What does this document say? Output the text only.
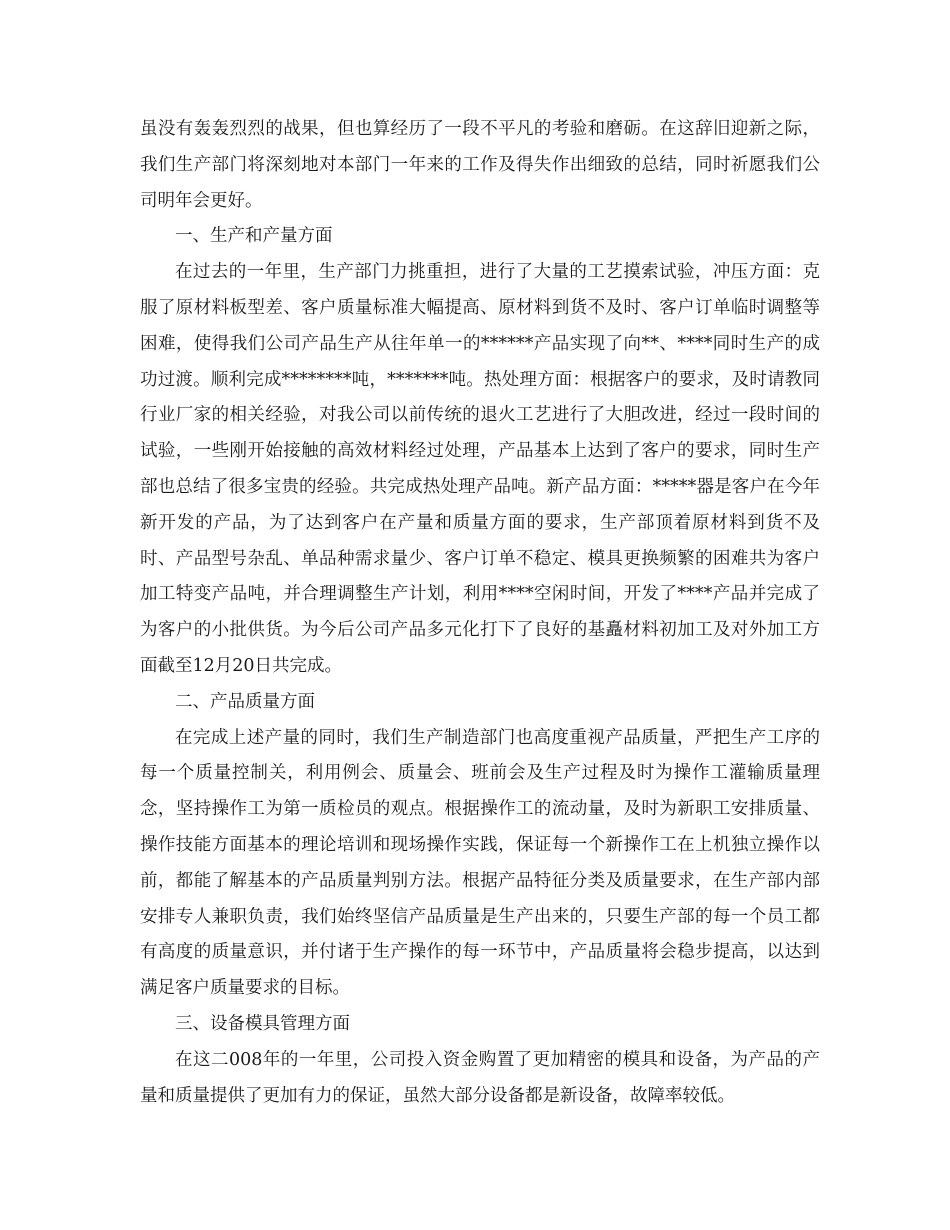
虽没有轰轰烈烈的战果，但也算经历了一段不平凡的考验和磨砺。在这辞旧迎新之际，我们生产部门将深刻地对本部门一年来的工作及得失作出细致的总结，同时祈愿我们公司明年会更好。

一、生产和产量方面

在过去的一年里，生产部门力挑重担，进行了大量的工艺摸索试验，冲压方面：克服了原材料板型差、客户质量标准大幅提高、原材料到货不及时、客户订单临时调整等困难，使得我们公司产品生产从往年单一的******产品实现了向**、****同时生产的成功过渡。顺利完成********吨，*******吨。热处理方面：根据客户的要求，及时请教同行业厂家的相关经验，对我公司以前传统的退火工艺进行了大胆改进，经过一段时间的试验，一些刚开始接触的高效材料经过处理，产品基本上达到了客户的要求，同时生产部也总结了很多宝贵的经验。共完成热处理产品吨。新产品方面：*****器是客户在今年新开发的产品，为了达到客户在产量和质量方面的要求，生产部顶着原材料到货不及时、产品型号杂乱、单品种需求量少、客户订单不稳定、模具更换频繁的困难共为客户加工特变产品吨，并合理调整生产计划，利用****空闲时间，开发了****产品并完成了为客户的小批供货。为今后公司产品多元化打下了良好的基矗材料初加工及对外加工方面截至12月20日共完成。

二、产品质量方面

在完成上述产量的同时，我们生产制造部门也高度重视产品质量，严把生产工序的每一个质量控制关，利用例会、质量会、班前会及生产过程及时为操作工灌输质量理念，坚持操作工为第一质检员的观点。根据操作工的流动量，及时为新职工安排质量、操作技能方面基本的理论培训和现场操作实践，保证每一个新操作工在上机独立操作以前，都能了解基本的产品质量判别方法。根据产品特征分类及质量要求，在生产部内部安排专人兼职负责，我们始终坚信产品质量是生产出来的，只要生产部的每一个员工都有高度的质量意识，并付诸于生产操作的每一环节中，产品质量将会稳步提高，以达到满足客户质量要求的目标。

三、设备模具管理方面

在这二008年的一年里，公司投入资金购置了更加精密的模具和设备，为产品的产量和质量提供了更加有力的保证，虽然大部分设备都是新设备，故障率较低。
